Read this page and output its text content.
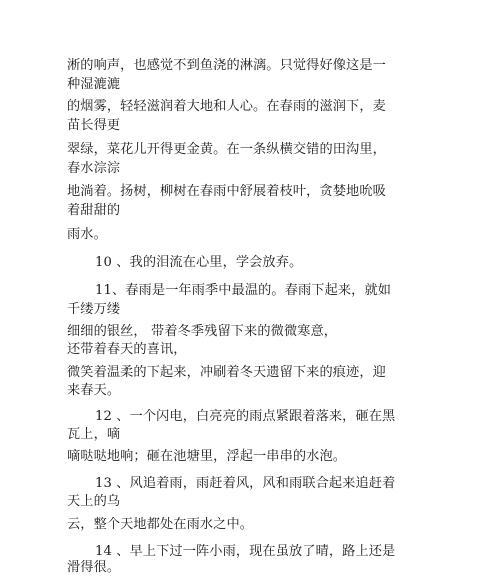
淅的响声，也感觉不到鱼浇的淋漓。只觉得好像这是一
种湿漉漉
的烟雾，轻轻滋润着大地和人心。在春雨的滋润下，麦
苗长得更
翠绿，菜花儿开得更金黄。在一条纵横交错的田沟里，
春水淙淙
地淌着。扬树，柳树在春雨中舒展着枝叶，贪婪地吮吸
着甜甜的
雨水。
10 、我的泪流在心里，学会放弃。
11、春雨是一年雨季中最温的。春雨下起来，就如
千缕万缕
细细的银丝， 带着冬季残留下来的微微寒意，
还带着春天的喜讯，
微笑着温柔的下起来，冲刷着冬天遗留下来的痕迹，迎
来春天。
12 、一个闪电，白亮亮的雨点紧跟着落来，砸在黑
瓦上，嘀
嘀哒哒地响；砸在池塘里，浮起一串串的水泡。
13 、风追着雨，雨赶着风，风和雨联合起来追赶着
天上的乌
云，整个天地都处在雨水之中。
14 、早上下过一阵小雨，现在虽放了晴，路上还是
滑得很。
